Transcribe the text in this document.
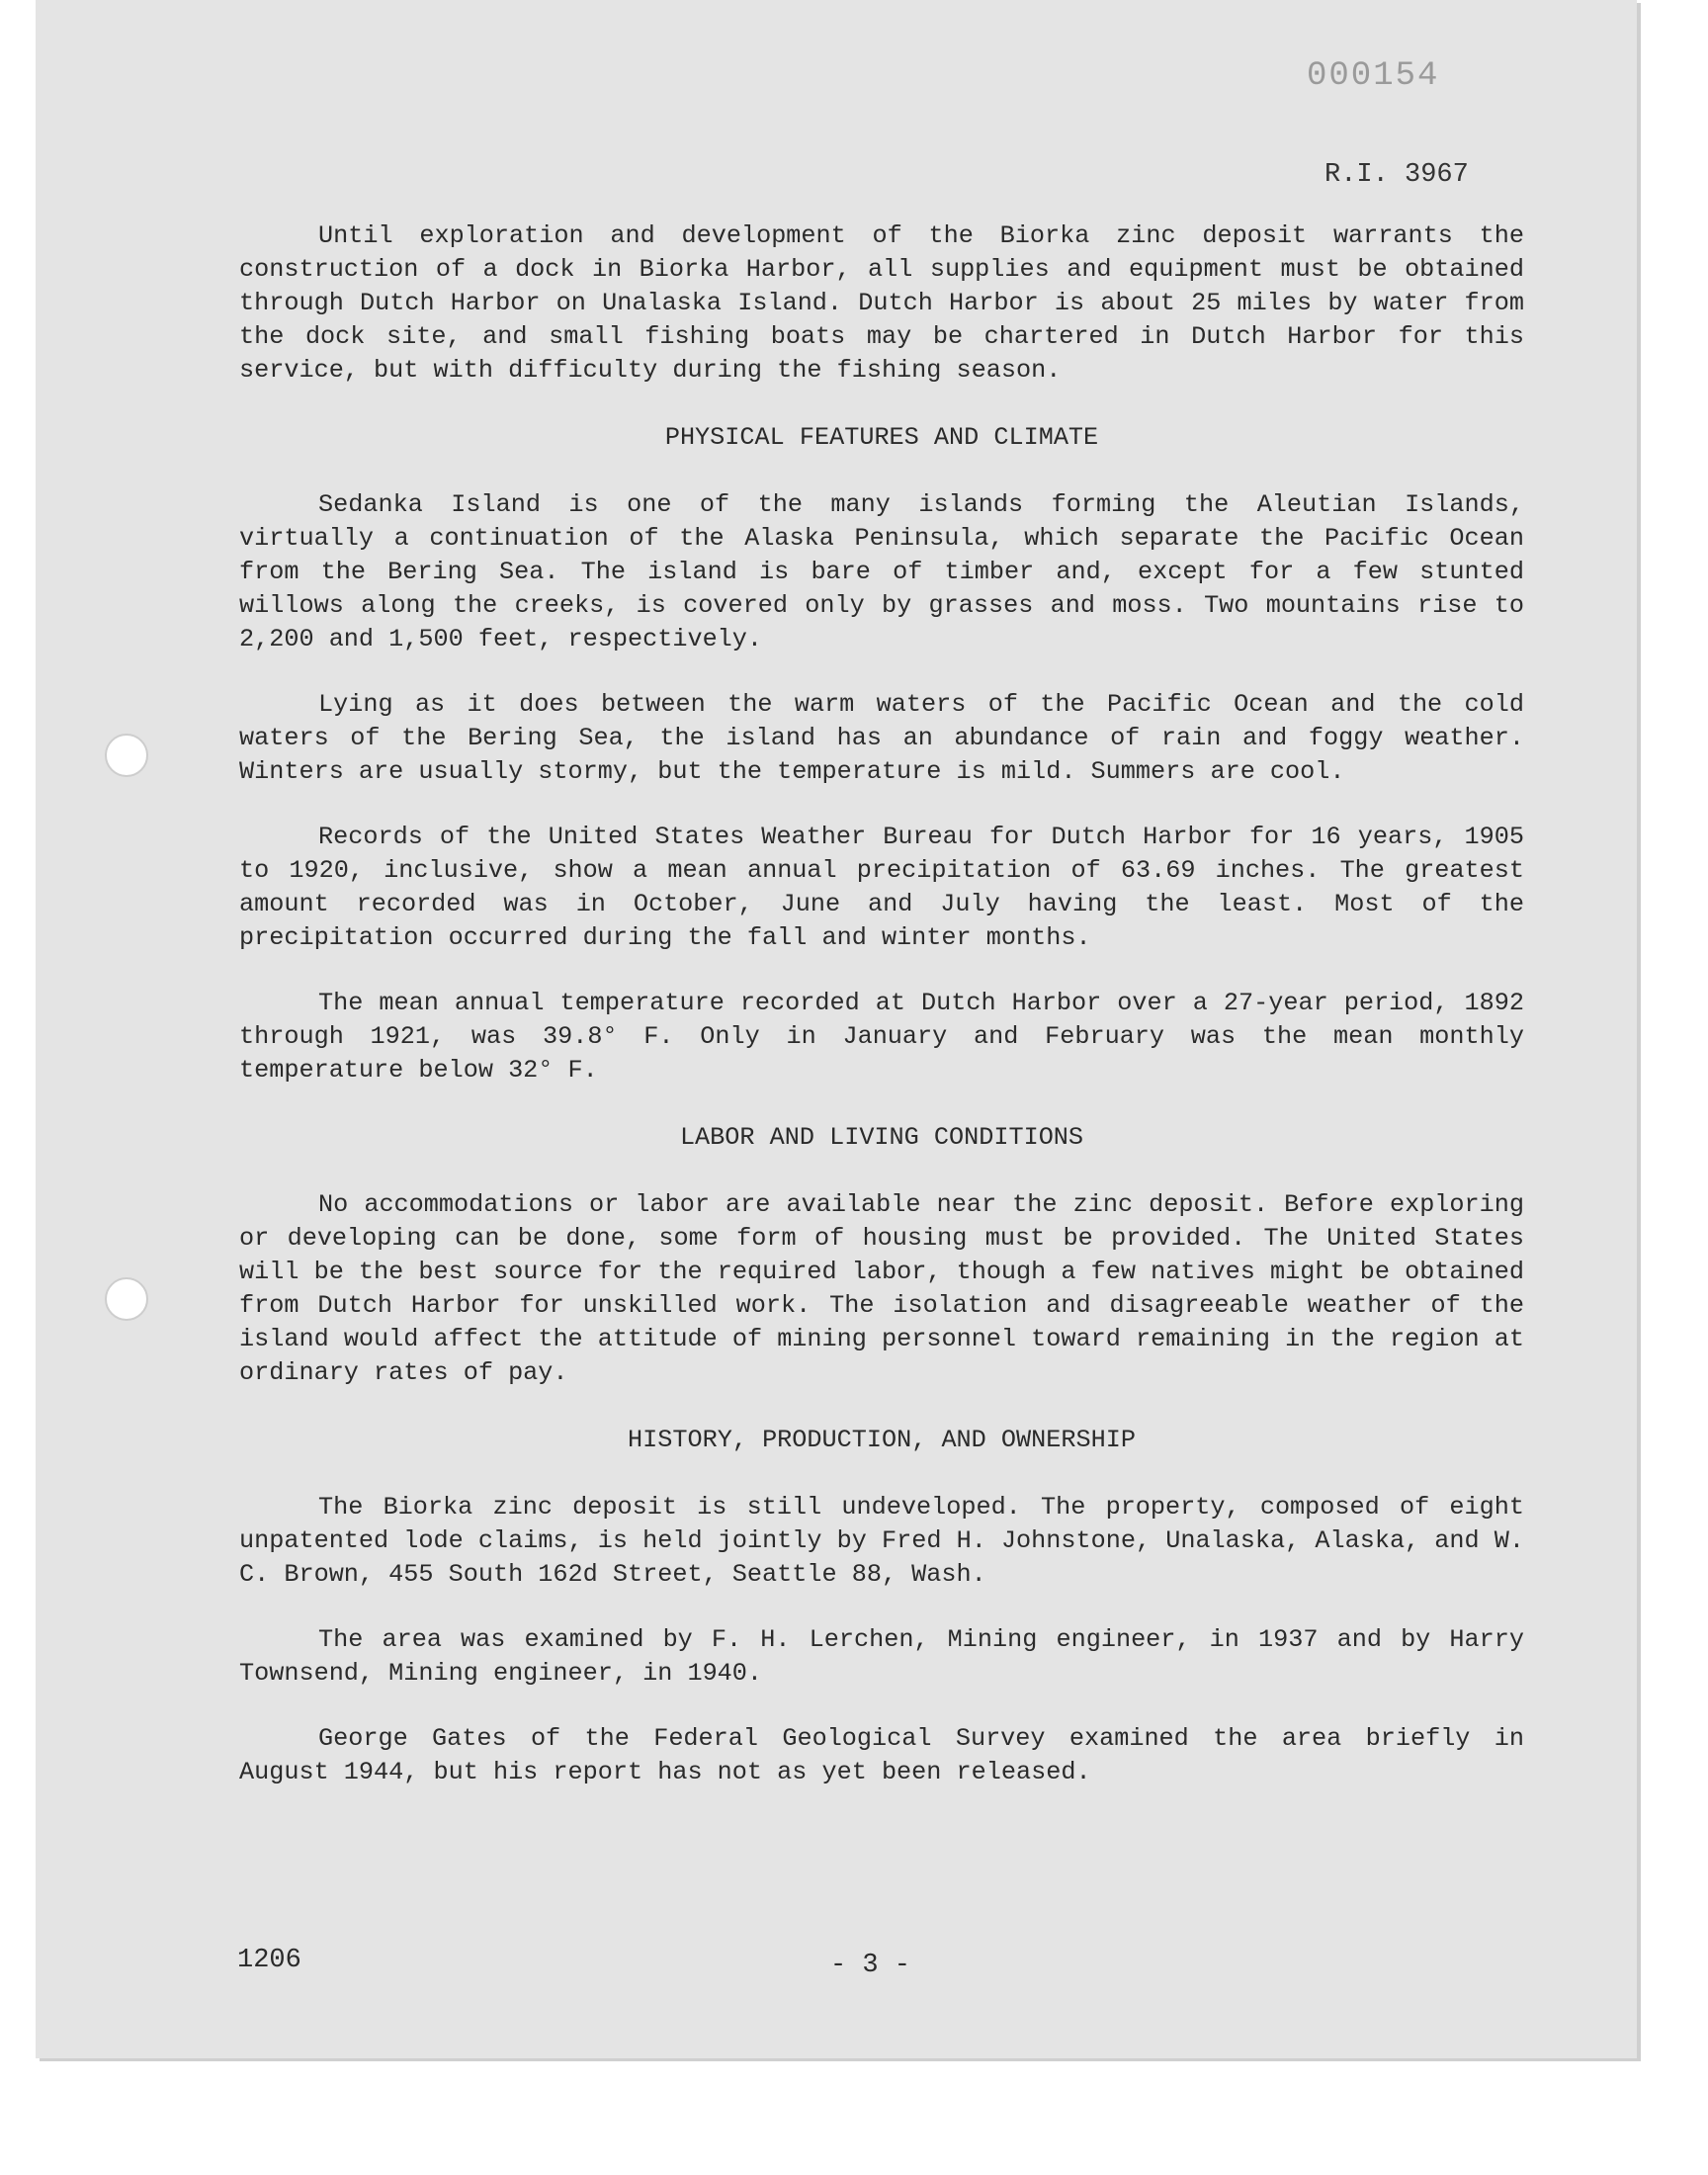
000154
R.I. 3967

Until exploration and development of the Biorka zinc deposit warrants the construction of a dock in Biorka Harbor, all supplies and equipment must be obtained through Dutch Harbor on Unalaska Island. Dutch Harbor is about 25 miles by water from the dock site, and small fishing boats may be chartered in Dutch Harbor for this service, but with difficulty during the fishing season.

PHYSICAL FEATURES AND CLIMATE

Sedanka Island is one of the many islands forming the Aleutian Islands, virtually a continuation of the Alaska Peninsula, which separate the Pacific Ocean from the Bering Sea. The island is bare of timber and, except for a few stunted willows along the creeks, is covered only by grasses and moss. Two mountains rise to 2,200 and 1,500 feet, respectively.

Lying as it does between the warm waters of the Pacific Ocean and the cold waters of the Bering Sea, the island has an abundance of rain and foggy weather. Winters are usually stormy, but the temperature is mild. Summers are cool.

Records of the United States Weather Bureau for Dutch Harbor for 16 years, 1905 to 1920, inclusive, show a mean annual precipitation of 63.69 inches. The greatest amount recorded was in October, June and July having the least. Most of the precipitation occurred during the fall and winter months.

The mean annual temperature recorded at Dutch Harbor over a 27-year period, 1892 through 1921, was 39.8° F. Only in January and February was the mean monthly temperature below 32° F.

LABOR AND LIVING CONDITIONS

No accommodations or labor are available near the zinc deposit. Before exploring or developing can be done, some form of housing must be provided. The United States will be the best source for the required labor, though a few natives might be obtained from Dutch Harbor for unskilled work. The isolation and disagreeable weather of the island would affect the attitude of mining personnel toward remaining in the region at ordinary rates of pay.

HISTORY, PRODUCTION, AND OWNERSHIP

The Biorka zinc deposit is still undeveloped. The property, composed of eight unpatented lode claims, is held jointly by Fred H. Johnstone, Unalaska, Alaska, and W. C. Brown, 455 South 162d Street, Seattle 88, Wash.

The area was examined by F. H. Lerchen, Mining engineer, in 1937 and by Harry Townsend, Mining engineer, in 1940.

George Gates of the Federal Geological Survey examined the area briefly in August 1944, but his report has not as yet been released.

1206	- 3 -
